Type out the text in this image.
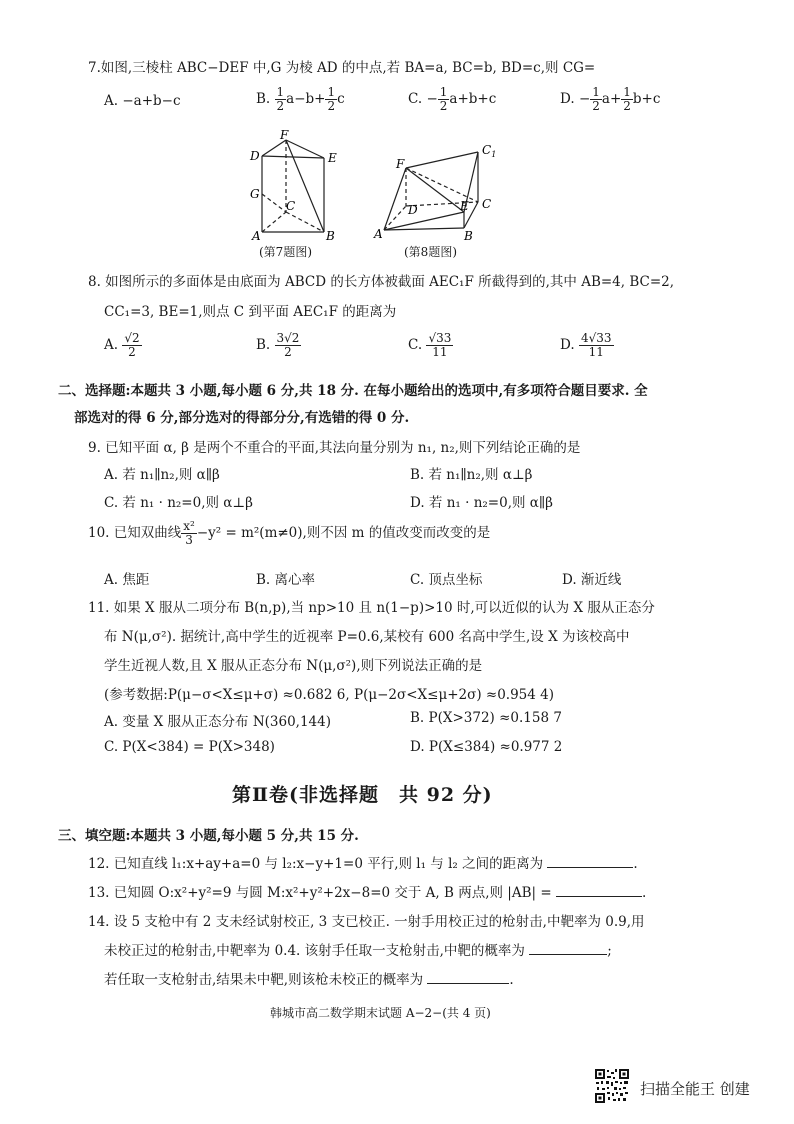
7.如图,三棱柱 ABC−DEF 中,G 为棱 AD 的中点,若 BA=a, BC=b, BD=c,则 CG=
A. −a+b−c	B. $\frac{1}{2} a-b+ \frac{1}{2}$ c	C. − $\frac{1}{2} a+b+c$	D. − $\frac{1}{2} a+ \frac{1}{2} b+c$
F
D	E
G
C
A	B
(第7题图)
$C_1$
F
D	E C
A	B
(第8题图)
8. 如图所示的多面体是由底面为 ABCD 的长方体被截面 AEC₁F 所截得到的,其中 AB=4, BC=2,
CC₁=3, BE=1,则点 C 到平面 AEC₁F 的距离为
A. $\frac{√2}{2}$	B. $\frac{3√2}{2}$	C. $\frac{√33}{11}$	D. $\frac{4√33}{11}$
二、选择题:本题共 3 小题,每小题 6 分,共 18 分. 在每小题给出的选项中,有多项符合题目要求. 全
部选对的得 6 分,部分选对的得部分分,有选错的得 0 分.
9. 已知平面 α, β 是两个不重合的平面,其法向量分别为 n₁, n₂,则下列结论正确的是
A. 若 n₁∥n₂,则 α∥β	B. 若 n₁∥n₂,则 α⊥β
C. 若 n₁ · n₂=0,则 α⊥β	D. 若 n₁ · n₂=0,则 α∥β
10. 已知双曲线 $\frac{\text{x²}}{3} -y^2 = m^2(m\ne 0)$,则不因 m 的值改变而改变的是
A. 焦距	B. 离心率	C. 顶点坐标	D. 渐近线
11. 如果 X 服从二项分布 B(n,p),当 np>10 且 n(1−p)>10 时,可以近似的认为 X 服从正态分
布 N(μ,σ²). 据统计,高中学生的近视率 P=0.6,某校有 600 名高中学生,设 X 为该校高中
学生近视人数,且 X 服从正态分布 N(μ,σ²),则下列说法正确的是
(参考数据:P(μ−σ<X≤μ+σ) ≈0.682 6, P(μ−2σ<X≤μ+2σ) ≈0.954 4)
A. 变量 X 服从正态分布 N(360,144)	B. P(X>372) ≈0.158 7
C. P(X<384) = P(X>348)	D. P(X≤384) ≈0.977 2
第Ⅱ卷(非选择题　共 92 分)
三、填空题:本题共 3 小题,每小题 5 分,共 15 分.
12. 已知直线 l₁:x+ay+a=0 与 l₂:x−y+1=0 平行,则 l₁ 与 l₂ 之间的距离为	.
13. 已知圆 O:x²+y²=9 与圆 M:x²+y²+2x−8=0 交于 A, B 两点,则 |AB| =	.
14. 设 5 支枪中有 2 支未经试射校正, 3 支已校正. 一射手用校正过的枪射击,中靶率为 0.9,用
未校正过的枪射击,中靶率为 0.4. 该射手任取一支枪射击,中靶的概率为	;
若任取一支枪射击,结果未中靶,则该枪未校正的概率为	.
韩城市高二数学期末试题 A−2−(共 4 页)
扫描全能王 创建
